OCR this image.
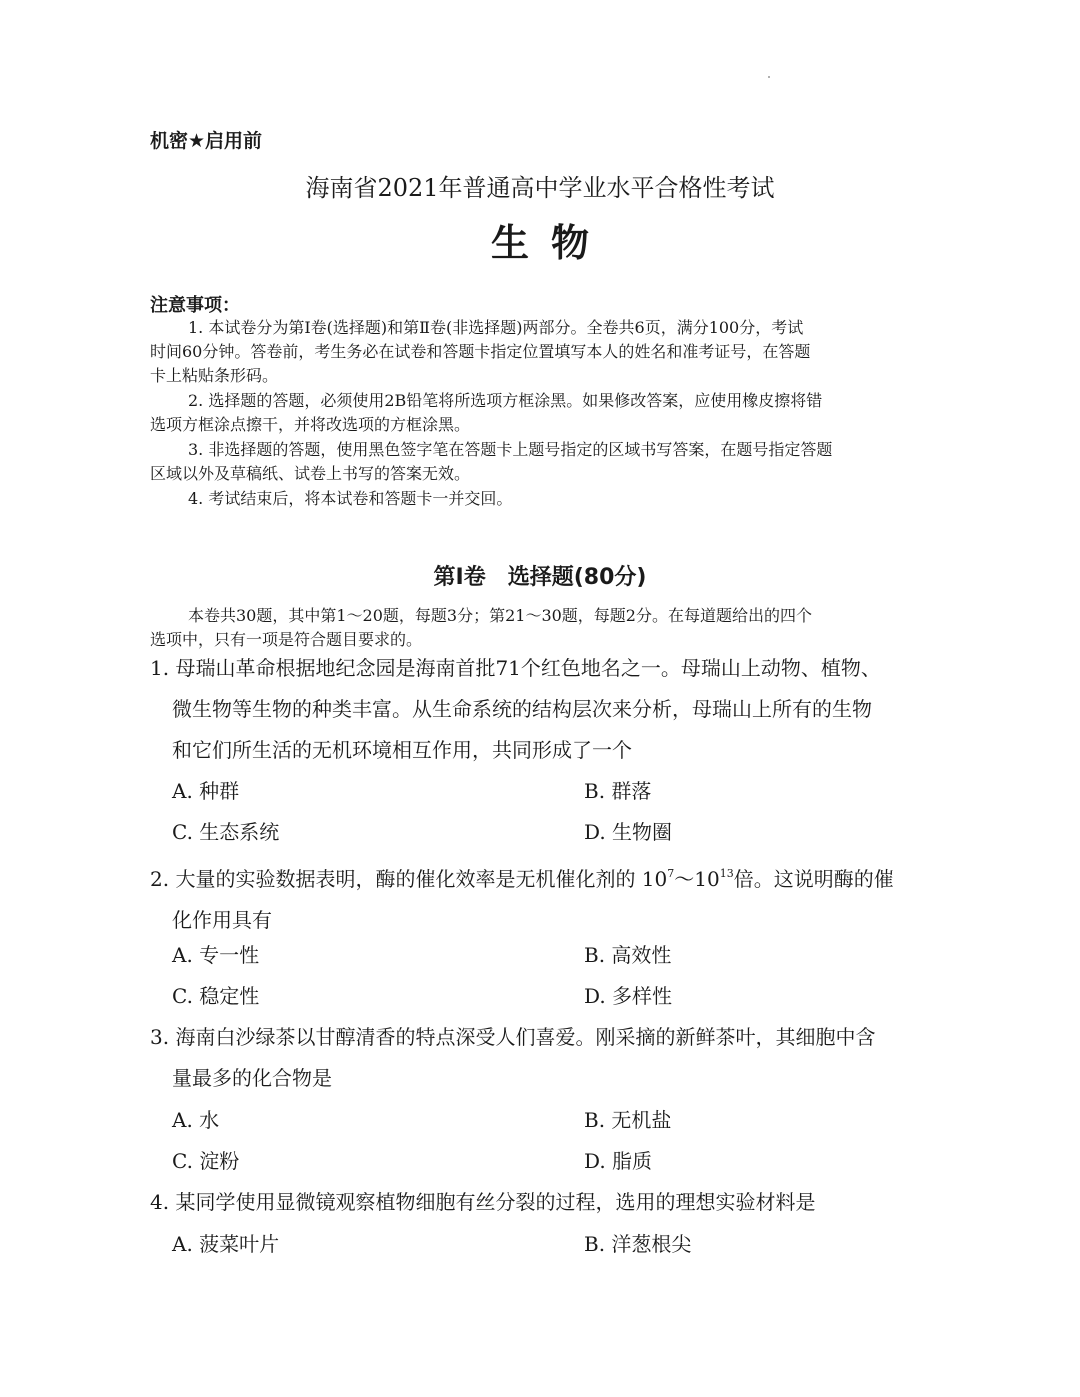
机密★启用前
海南省2021年普通高中学业水平合格性考试
生物
注意事项：
1. 本试卷分为第Ⅰ卷(选择题)和第Ⅱ卷(非选择题)两部分。全卷共6页，满分100分，考试
时间60分钟。答卷前，考生务必在试卷和答题卡指定位置填写本人的姓名和准考证号，在答题
卡上粘贴条形码。
2. 选择题的答题，必须使用2B铅笔将所选项方框涂黑。如果修改答案，应使用橡皮擦将错
选项方框涂点擦干，并将改选项的方框涂黑。
3. 非选择题的答题，使用黑色签字笔在答题卡上题号指定的区域书写答案，在题号指定答题
区域以外及草稿纸、试卷上书写的答案无效。
4. 考试结束后，将本试卷和答题卡一并交回。
第Ⅰ卷　选择题(80分)
本卷共30题，其中第1～20题，每题3分；第21～30题，每题2分。在每道题给出的四个
选项中，只有一项是符合题目要求的。
1. 母瑞山革命根据地纪念园是海南首批71个红色地名之一。母瑞山上动物、植物、
微生物等生物的种类丰富。从生命系统的结构层次来分析，母瑞山上所有的生物
和它们所生活的无机环境相互作用，共同形成了一个
A. 种群	B. 群落
C. 生态系统	D. 生物圈
2. 大量的实验数据表明，酶的催化效率是无机催化剂的 $10^7\sim 10^{13}$倍。这说明酶的催
化作用具有
A. 专一性	B. 高效性
C. 稳定性	D. 多样性
3. 海南白沙绿茶以甘醇清香的特点深受人们喜爱。刚采摘的新鲜茶叶，其细胞中含
量最多的化合物是
A. 水	B. 无机盐
C. 淀粉	D. 脂质
4. 某同学使用显微镜观察植物细胞有丝分裂的过程，选用的理想实验材料是
A. 菠菜叶片	B. 洋葱根尖
